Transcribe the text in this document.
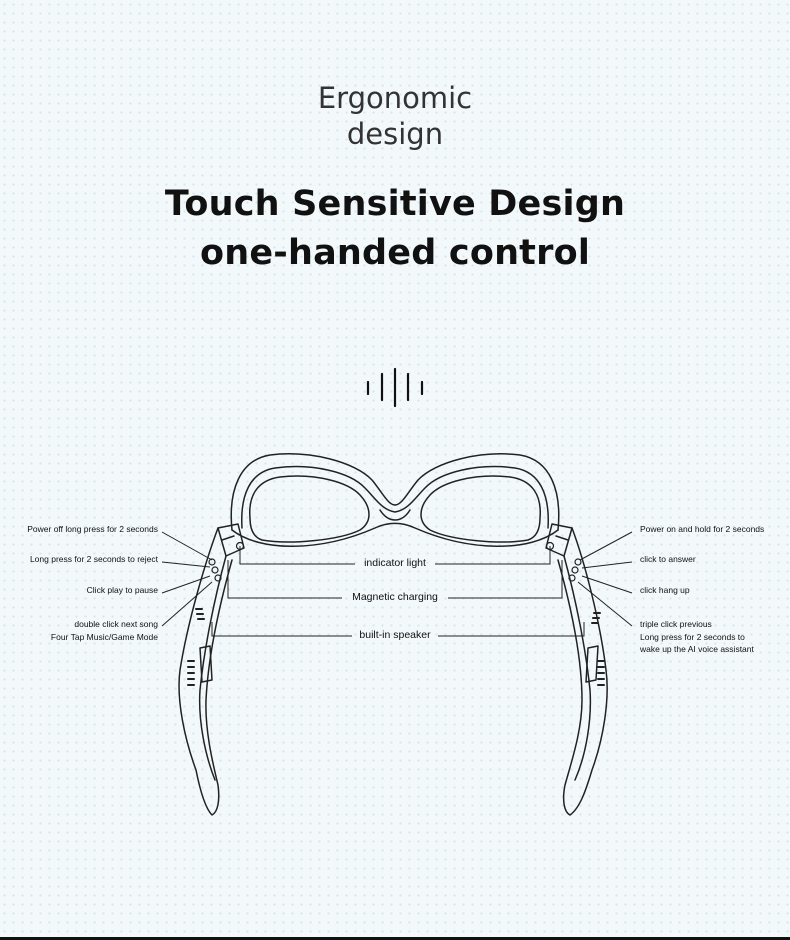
Ergonomic
design
Touch Sensitive Design
one-handed control
Power off long press for 2 seconds
Long press for 2 seconds to reject
Click play to pause
double click next song
Four Tap Music/Game Mode
indicator light
Magnetic charging
built-in speaker
Power on and hold for 2 seconds
click to answer
click hang up
triple click previous
Long press for 2 seconds to
wake up the AI voice assistant
